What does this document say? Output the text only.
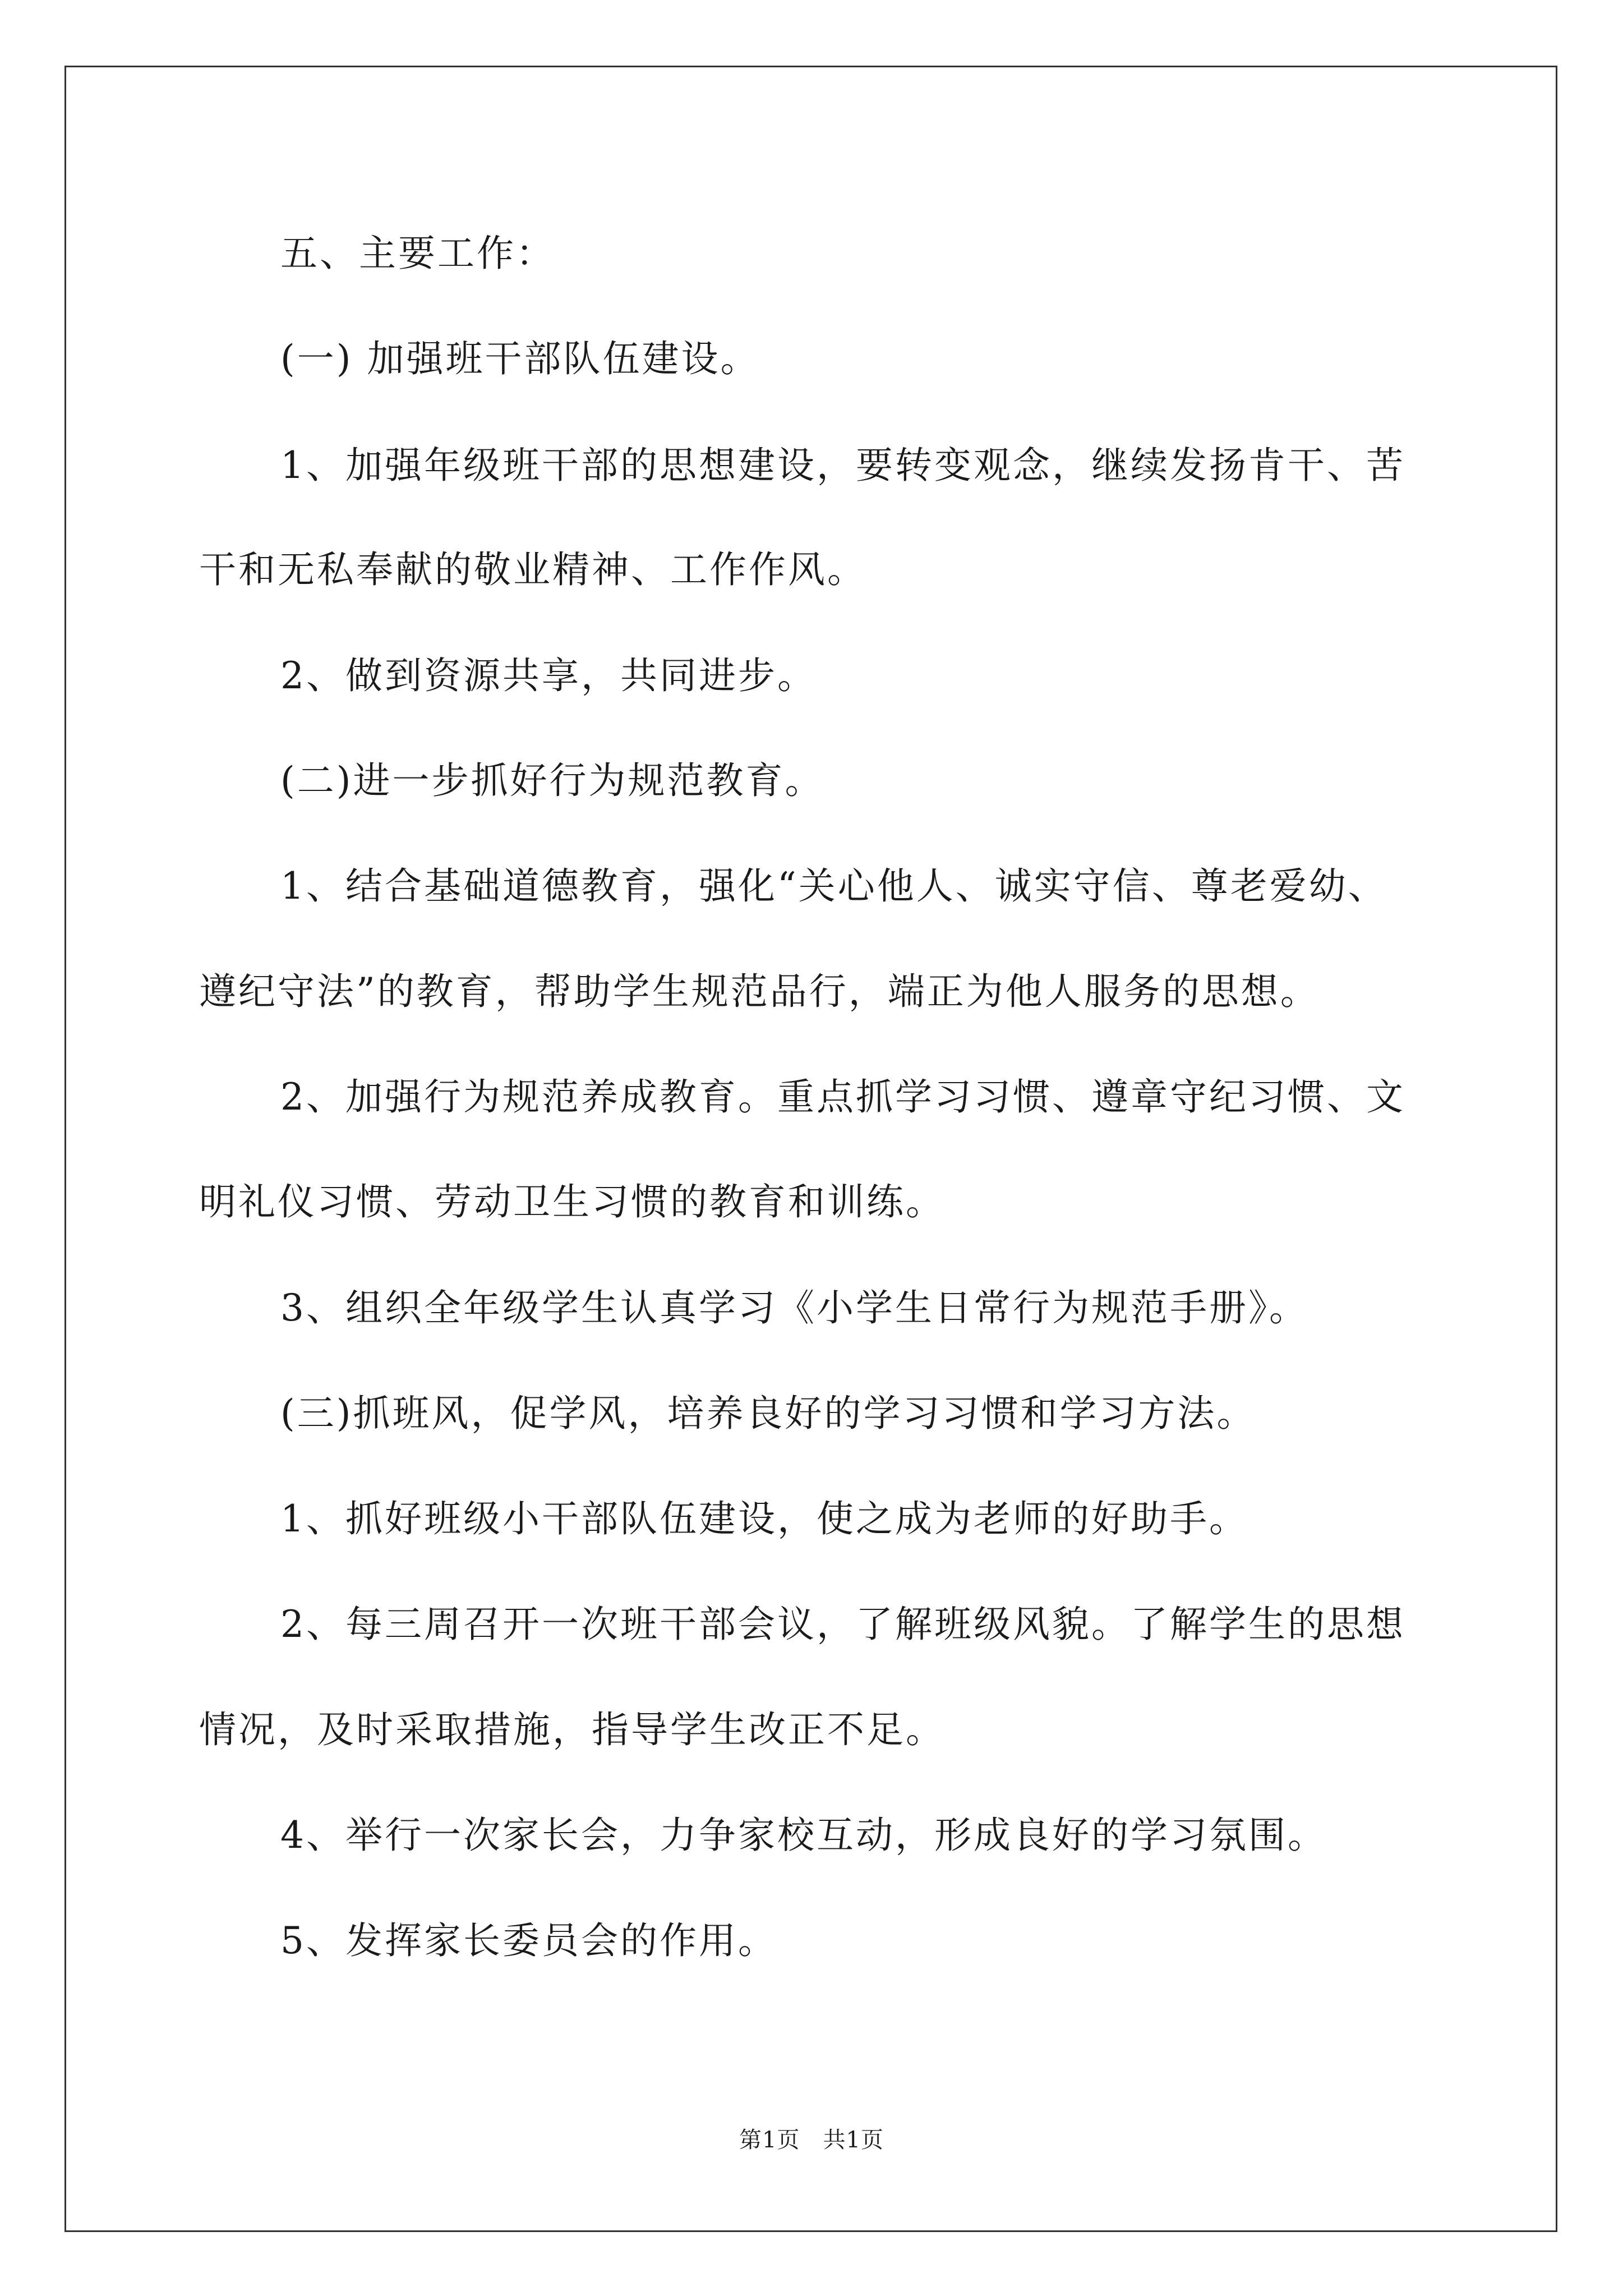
五、主要工作：
(一) 加强班干部队伍建设。
1、加强年级班干部的思想建设，要转变观念，继续发扬肯干、苦
干和无私奉献的敬业精神、工作作风。
2、做到资源共享，共同进步。
(二)进一步抓好行为规范教育。
1、结合基础道德教育，强化“关心他人、诚实守信、尊老爱幼、
遵纪守法”的教育，帮助学生规范品行，端正为他人服务的思想。
2、加强行为规范养成教育。重点抓学习习惯、遵章守纪习惯、文
明礼仪习惯、劳动卫生习惯的教育和训练。
3、组织全年级学生认真学习《小学生日常行为规范手册》。
(三)抓班风，促学风，培养良好的学习习惯和学习方法。
1、抓好班级小干部队伍建设，使之成为老师的好助手。
2、每三周召开一次班干部会议，了解班级风貌。了解学生的思想
情况，及时采取措施，指导学生改正不足。
4、举行一次家长会，力争家校互动，形成良好的学习氛围。
5、发挥家长委员会的作用。
第1页　共1页
